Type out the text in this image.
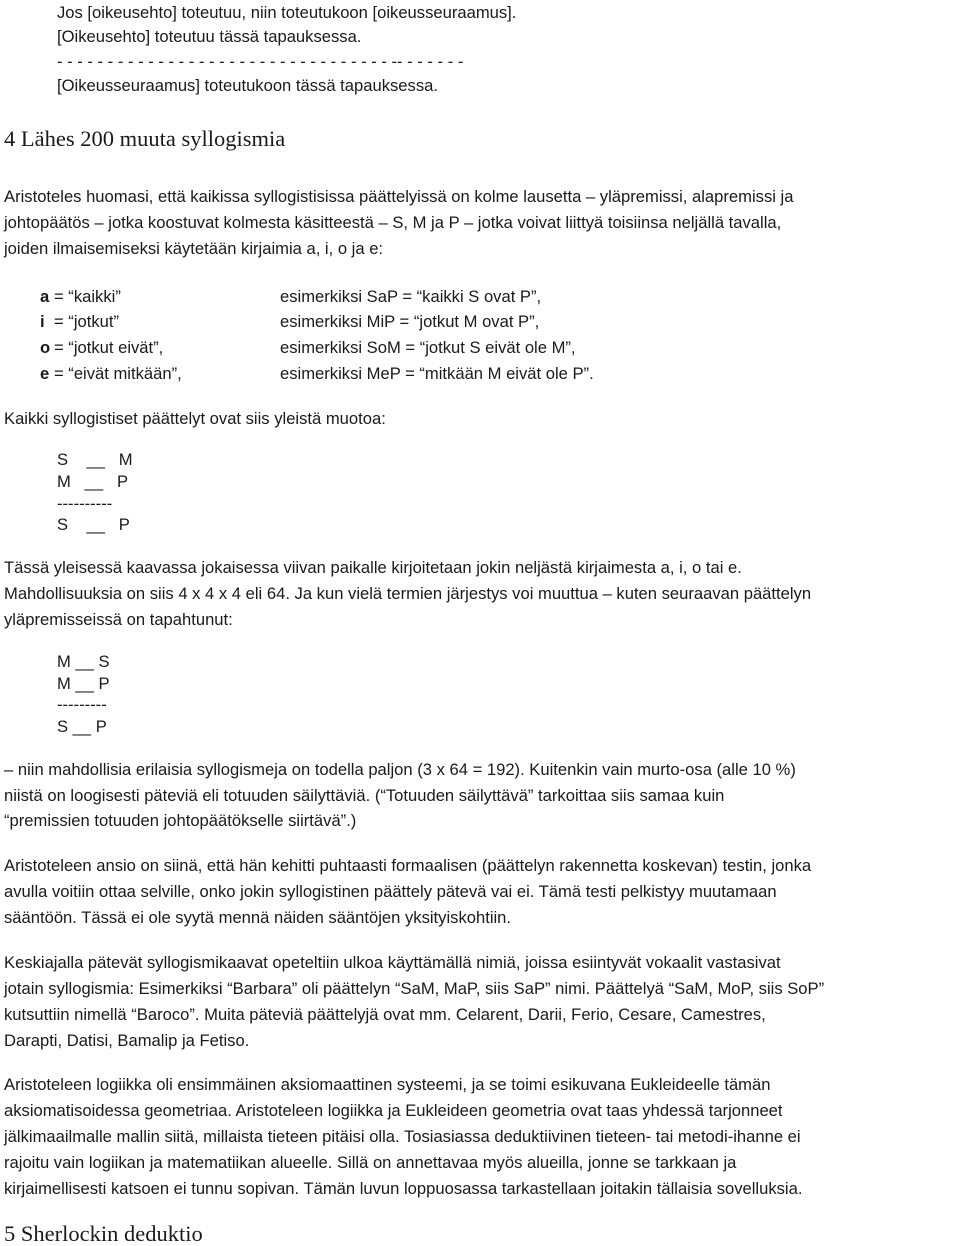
Jos [oikeusehto] toteutuu, niin toteutukoon [oikeusseuraamus].
[Oikeusehto] toteutuu tässä tapauksessa.
- - - - - - - - - - - - - - - - - - - - - - - - - - - - - - - - - -- - - - - - -
[Oikeusseuraamus] toteutukoon tässä tapauksessa.
4 Lähes 200 muuta syllogismia
Aristoteles huomasi, että kaikissa syllogistisissa päättelyissä on kolme lausetta – yläpremissi, alapremissi ja
johtopäätös – jotka koostuvat kolmesta käsitteestä – S, M ja P – jotka voivat liittyä toisiinsa neljällä tavalla,
joiden ilmaisemiseksi käytetään kirjaimia a, i, o ja e:
a = “kaikki”	esimerkiksi SaP = “kaikki S ovat P”,
i = “jotkut”	esimerkiksi MiP = “jotkut M ovat P”,
o = “jotkut eivät”,	esimerkiksi SoM = “jotkut S eivät ole M”,
e = “eivät mitkään”,	esimerkiksi MeP = “mitkään M eivät ole P”.
Kaikki syllogistiset päättelyt ovat siis yleistä muotoa:
S    __   M
M   __   P
----------
S    __   P
Tässä yleisessä kaavassa jokaisessa viivan paikalle kirjoitetaan jokin neljästä kirjaimesta a, i, o tai e.
Mahdollisuuksia on siis 4 x 4 x 4 eli 64. Ja kun vielä termien järjestys voi muuttua – kuten seuraavan päättelyn
yläpremisseissä on tapahtunut:
M __ S
M __ P
---------
S __ P
– niin mahdollisia erilaisia syllogismeja on todella paljon (3 x 64 = 192). Kuitenkin vain murto-osa (alle 10 %)
niistä on loogisesti päteviä eli totuuden säilyttäviä. (“Totuuden säilyttävä” tarkoittaa siis samaa kuin
“premissien totuuden johtopäätökselle siirtävä”.)
Aristoteleen ansio on siinä, että hän kehitti puhtaasti formaalisen (päättelyn rakennetta koskevan) testin, jonka
avulla voitiin ottaa selville, onko jokin syllogistinen päättely pätevä vai ei. Tämä testi pelkistyy muutamaan
sääntöön. Tässä ei ole syytä mennä näiden sääntöjen yksityiskohtiin.
Keskiajalla pätevät syllogismikaavat opeteltiin ulkoa käyttämällä nimiä, joissa esiintyvät vokaalit vastasivat
jotain syllogismia: Esimerkiksi “Barbara” oli päättelyn “SaM, MaP, siis SaP” nimi. Päättelyä “SaM, MoP, siis SoP”
kutsuttiin nimellä “Baroco”. Muita päteviä päättelyjä ovat mm. Celarent, Darii, Ferio, Cesare, Camestres,
Darapti, Datisi, Bamalip ja Fetiso.
Aristoteleen logiikka oli ensimmäinen aksiomaattinen systeemi, ja se toimi esikuvana Eukleideelle tämän
aksiomatisoidessa geometriaa. Aristoteleen logiikka ja Eukleideen geometria ovat taas yhdessä tarjonneet
jälkimaailmalle mallin siitä, millaista tieteen pitäisi olla. Tosiasiassa deduktiivinen tieteen- tai metodi-ihanne ei
rajoitu vain logiikan ja matematiikan alueelle. Sillä on annettavaa myös alueilla, jonne se tarkkaan ja
kirjaimellisesti katsoen ei tunnu sopivan. Tämän luvun loppuosassa tarkastellaan joitakin tällaisia sovelluksia.
5 Sherlockin deduktio
